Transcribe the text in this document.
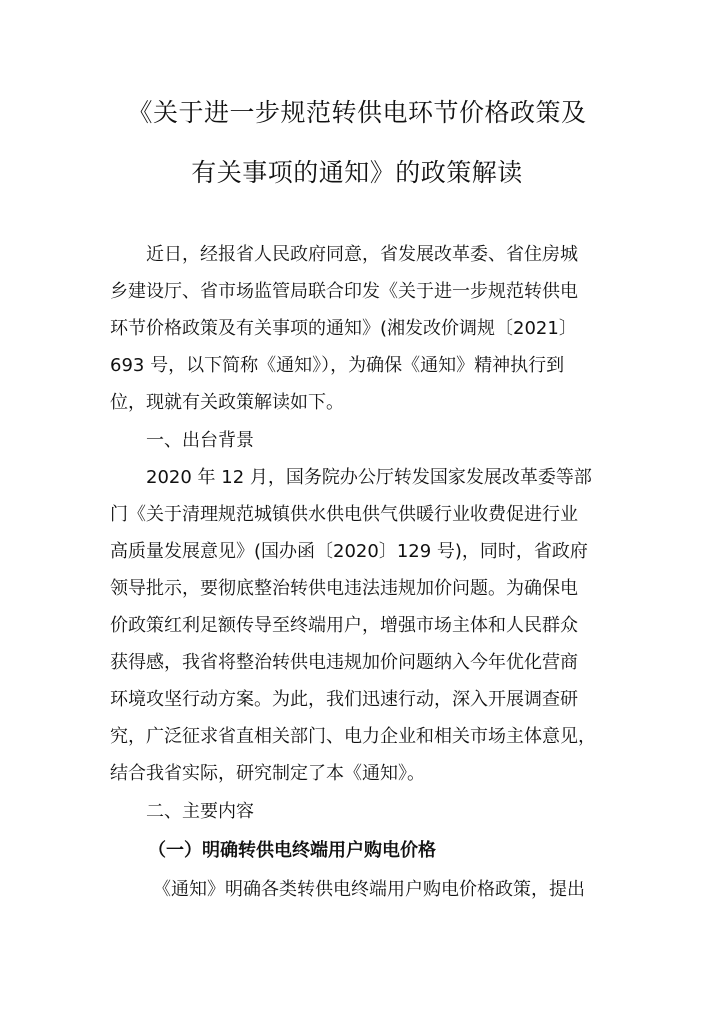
《关于进一步规范转供电环节价格政策及
有关事项的通知》的政策解读
近日，经报省人民政府同意，省发展改革委、省住房城
乡建设厅、省市场监管局联合印发《关于进一步规范转供电
环节价格政策及有关事项的通知》(湘发改价调规〔2021〕
693 号，以下简称《通知》），为确保《通知》精神执行到
位，现就有关政策解读如下。
一、出台背景
2020 年 12 月，国务院办公厅转发国家发展改革委等部
门《关于清理规范城镇供水供电供气供暖行业收费促进行业
高质量发展意见》(国办函〔2020〕129 号)，同时，省政府
领导批示，要彻底整治转供电违法违规加价问题。为确保电
价政策红利足额传导至终端用户，增强市场主体和人民群众
获得感，我省将整治转供电违规加价问题纳入今年优化营商
环境攻坚行动方案。为此，我们迅速行动，深入开展调查研
究，广泛征求省直相关部门、电力企业和相关市场主体意见，
结合我省实际，研究制定了本《通知》。
二、主要内容
（一）明确转供电终端用户购电价格
《通知》明确各类转供电终端用户购电价格政策，提出
